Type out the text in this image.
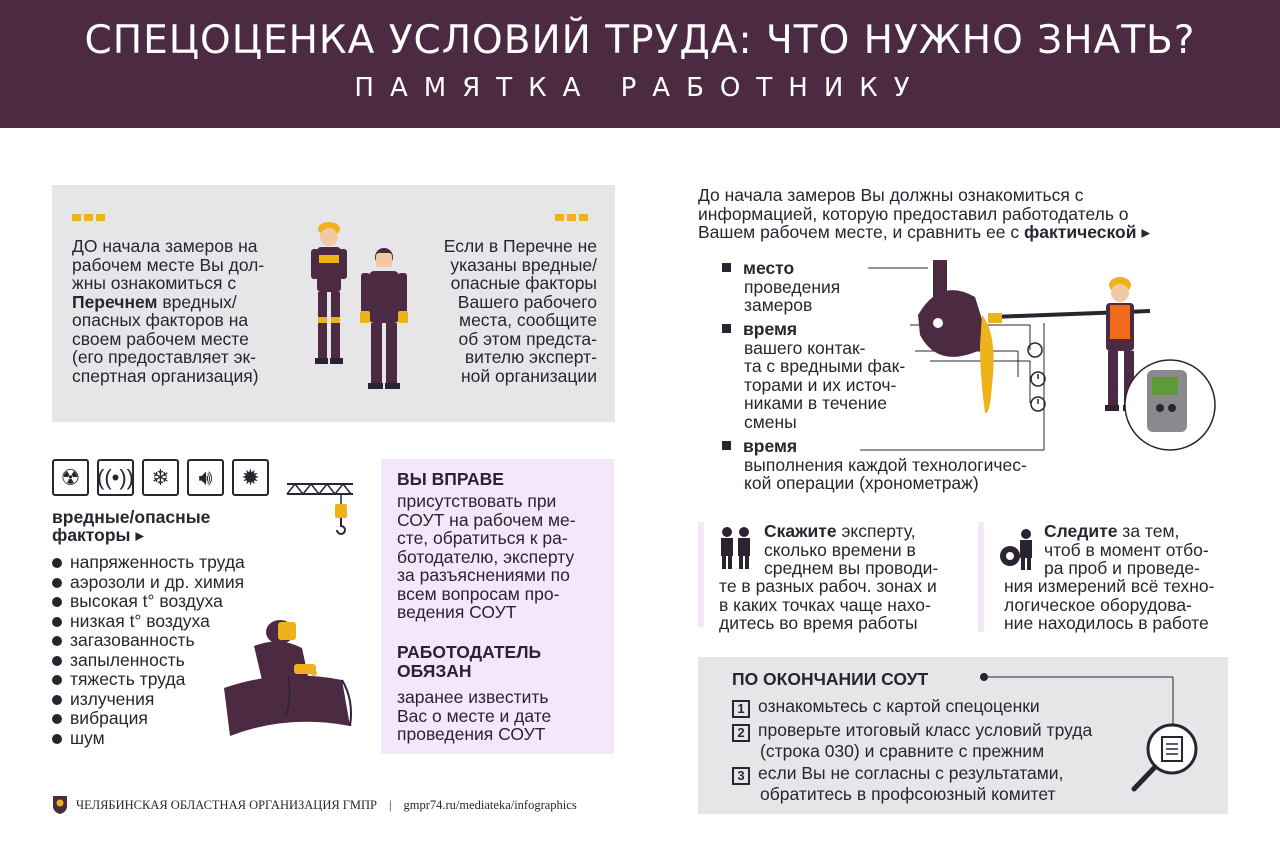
СПЕЦОЦЕНКА УСЛОВИЙ ТРУДА: ЧТО НУЖНО ЗНАТЬ?
ПАМЯТКА РАБОТНИКУ
ДО начала замеров на
рабочем месте Вы дол-
жны ознакомиться с
Перечнем вредных/
опасных факторов на
своем рабочем месте
(его предоставляет эк-
спертная организация)
Если в Перечне не
указаны вредные/
опасные факторы
Вашего рабочего
места, сообщите
об этом предста-
вителю эксперт-
ной организации
☢ ((•)) ❄	🔊︎	✹
вредные/опасные
факторы ▸
напряженность труда
аэрозоли и др. химия
высокая t° воздуха
низкая t° воздуха
загазованность
запыленность
тяжесть труда
излучения
вибрация
шум
ВЫ ВПРАВЕ
присутствовать при
СОУТ на рабочем ме-
сте, обратиться к ра-
ботодателю, эксперту
за разъяснениями по
всем вопросам про-
ведения СОУТ
РАБОТОДАТЕЛЬ
ОБЯЗАН
заранее известить
Вас о месте и дате
проведения СОУТ
ЧЕЛЯБИНСКАЯ ОБЛАСТНАЯ ОРГАНИЗАЦИЯ ГМПР | gmpr74.ru/mediateka/infographics
До начала замеров Вы должны ознакомиться с
информацией, которую предоставил работодатель о
Вашем рабочем месте, и сравнить ее с фактической ▸
место
проведения
замеров
время
вашего контак-
та с вредными фак-
торами и их источ-
никами в течение
смены
время
выполнения каждой технологичес-
кой операции (хронометраж)
Скажите эксперту,
сколько времени в
среднем вы проводи-
те в разных рабоч. зонах и
в каких точках чаще нахо-
дитесь во время работы
Следите за тем,
чтоб в момент отбо-
ра проб и проведе-
ния измерений всё техно-
логическое оборудова-
ние находилось в работе
ПО ОКОНЧАНИИ СОУТ
1 ознакомьтесь с картой спецоценки
2 проверьте итоговый класс условий труда
(строка 030) и сравните с прежним
3 если Вы не согласны с результатами,
обратитесь в профсоюзный комитет
